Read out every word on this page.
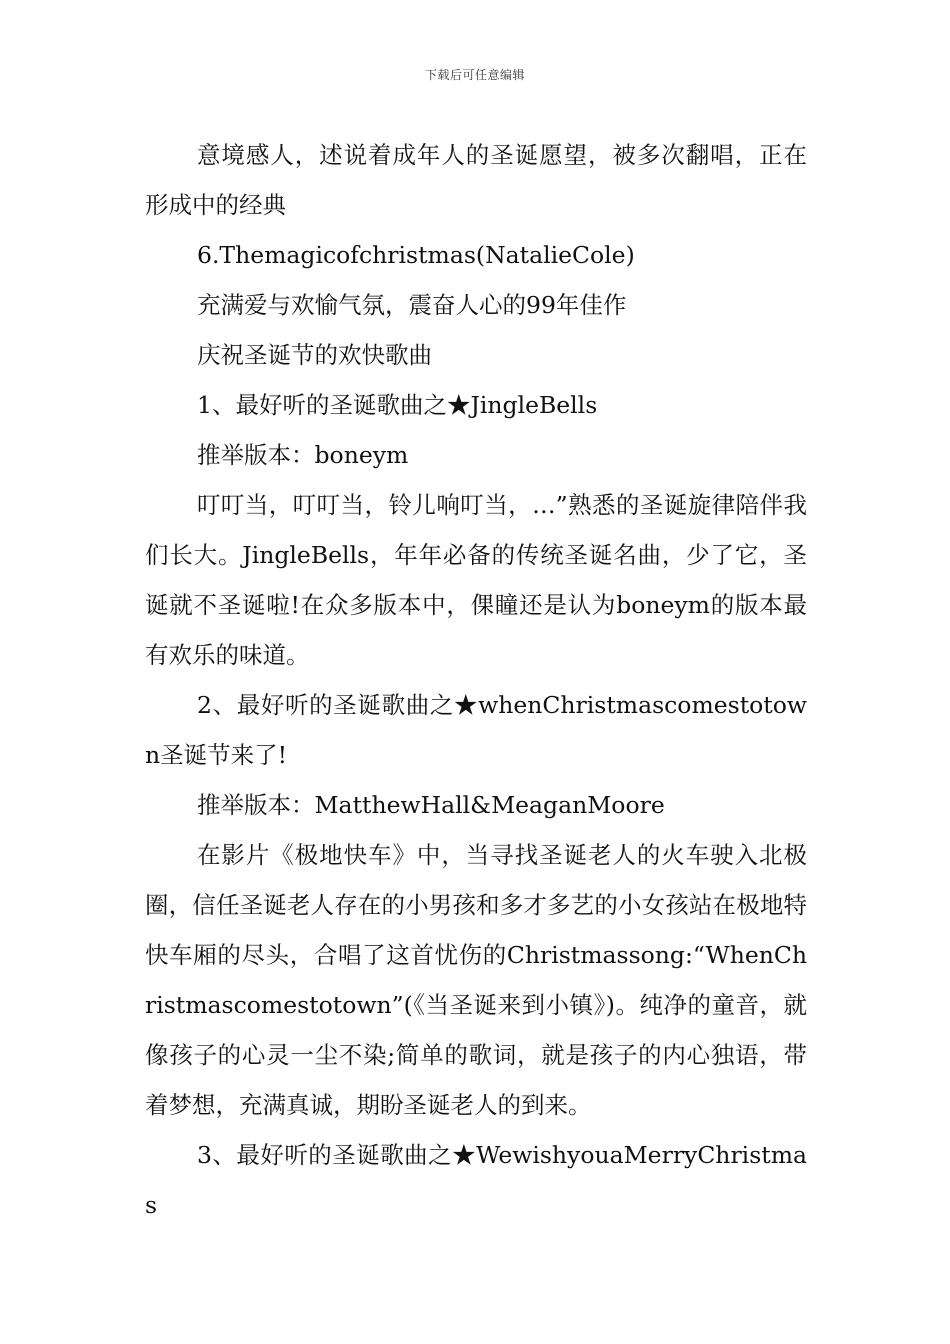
下载后可任意编辑

意境感人，述说着成年人的圣诞愿望，被多次翻唱，正在形成中的经典

6.Themagicofchristmas(NatalieCole)

充满爱与欢愉气氛，震奋人心的99年佳作

庆祝圣诞节的欢快歌曲

1、最好听的圣诞歌曲之★JingleBells

推举版本：boneym

叮叮当，叮叮当，铃儿响叮当，…”熟悉的圣诞旋律陪伴我们长大。JingleBells，年年必备的传统圣诞名曲，少了它，圣诞就不圣诞啦!在众多版本中，倮瞳还是认为boneym的版本最有欢乐的味道。

2、最好听的圣诞歌曲之★whenChristmascomestotown圣诞节来了!

推举版本：MatthewHall&MeaganMoore

在影片《极地快车》中，当寻找圣诞老人的火车驶入北极圈，信任圣诞老人存在的小男孩和多才多艺的小女孩站在极地特快车厢的尽头，合唱了这首忧伤的Christmassong:“WhenChristmascomestotown”(《当圣诞来到小镇》)。纯净的童音，就像孩子的心灵一尘不染;简单的歌词，就是孩子的内心独语，带着梦想，充满真诚，期盼圣诞老人的到来。

3、最好听的圣诞歌曲之★WewishyouaMerryChristmas
